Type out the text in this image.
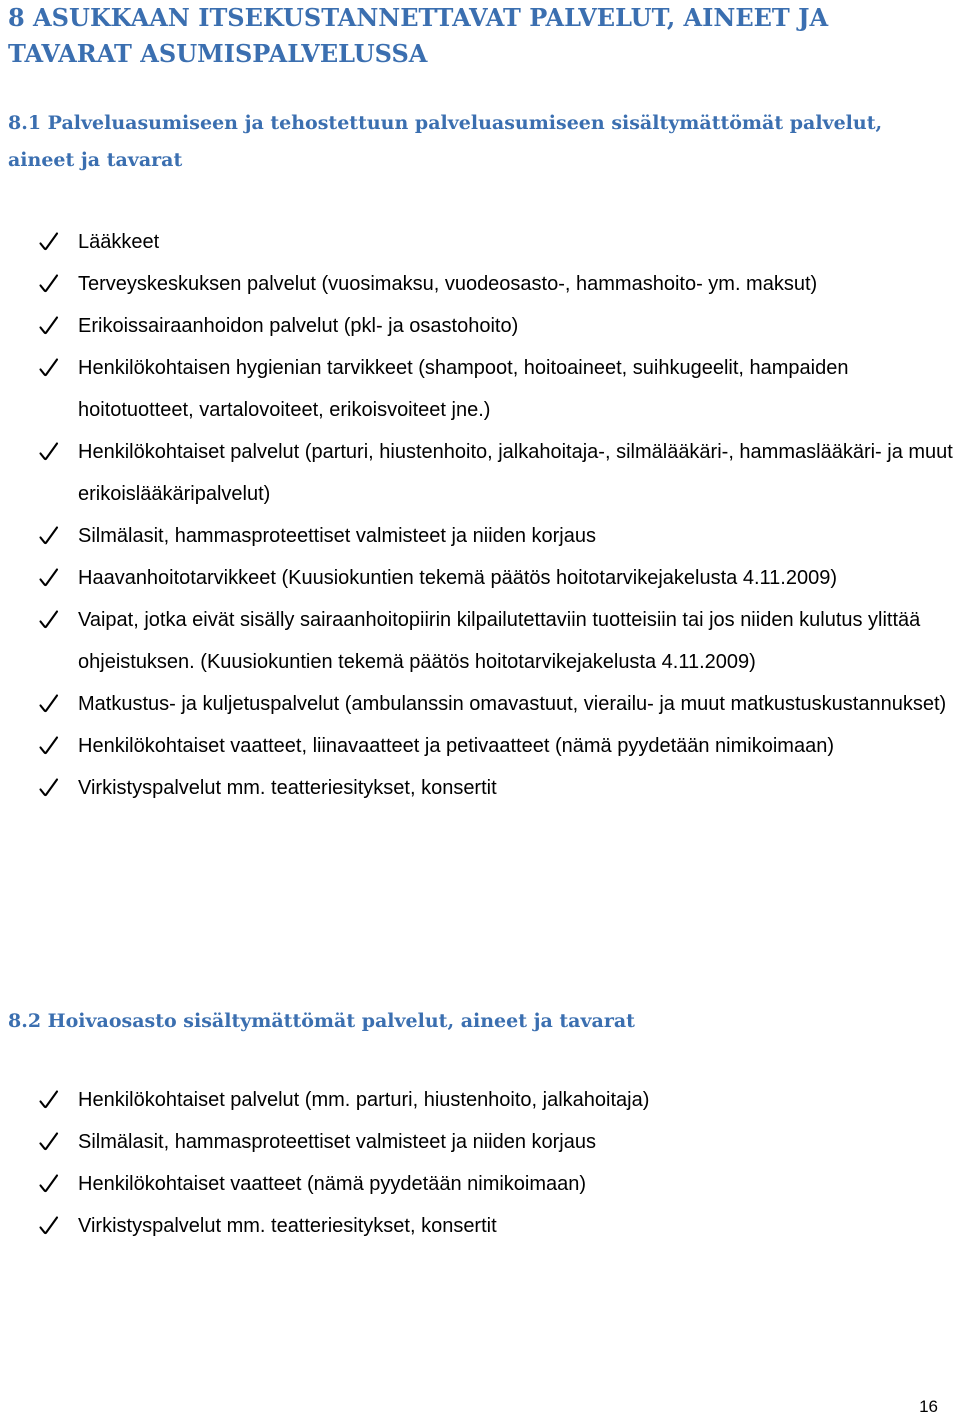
8 ASUKKAAN ITSEKUSTANNETTAVAT PALVELUT, AINEET JA TAVARAT ASUMISPALVELUSSA
8.1 Palveluasumiseen ja tehostettuun palveluasumiseen sisältymättömät palvelut, aineet ja tavarat
Lääkkeet
Terveyskeskuksen palvelut (vuosimaksu, vuodeosasto-, hammashoito- ym. maksut)
Erikoissairaanhoidon palvelut (pkl- ja osastohoito)
Henkilökohtaisen hygienian tarvikkeet (shampoot, hoitoaineet, suihkugeelit, hampaiden hoitotuotteet, vartalovoiteet, erikoisvoiteet jne.)
Henkilökohtaiset palvelut (parturi, hiustenhoito, jalkahoitaja-, silmälääkäri-, hammaslääkäri- ja muut erikoislääkäripalvelut)
Silmälasit, hammasproteettiset valmisteet ja niiden korjaus
Haavanhoitotarvikkeet (Kuusiokuntien tekemä päätös hoitotarvikejakelusta 4.11.2009)
Vaipat, jotka eivät sisälly sairaanhoitopiirin kilpailutettaviin tuotteisiin tai jos niiden kulutus ylittää ohjeistuksen. (Kuusiokuntien tekemä päätös hoitotarvikejakelusta 4.11.2009)
Matkustus- ja kuljetuspalvelut (ambulanssin omavastuut, vierailu- ja muut matkustuskustannukset)
Henkilökohtaiset vaatteet, liinavaatteet ja petivaatteet (nämä pyydetään nimikoimaan)
Virkistyspalvelut mm. teatteriesitykset, konsertit
8.2 Hoivaosasto sisältymättömät palvelut, aineet ja tavarat
Henkilökohtaiset palvelut (mm. parturi, hiustenhoito, jalkahoitaja)
Silmälasit, hammasproteettiset valmisteet ja niiden korjaus
Henkilökohtaiset vaatteet (nämä pyydetään nimikoimaan)
Virkistyspalvelut mm. teatteriesitykset, konsertit
16
